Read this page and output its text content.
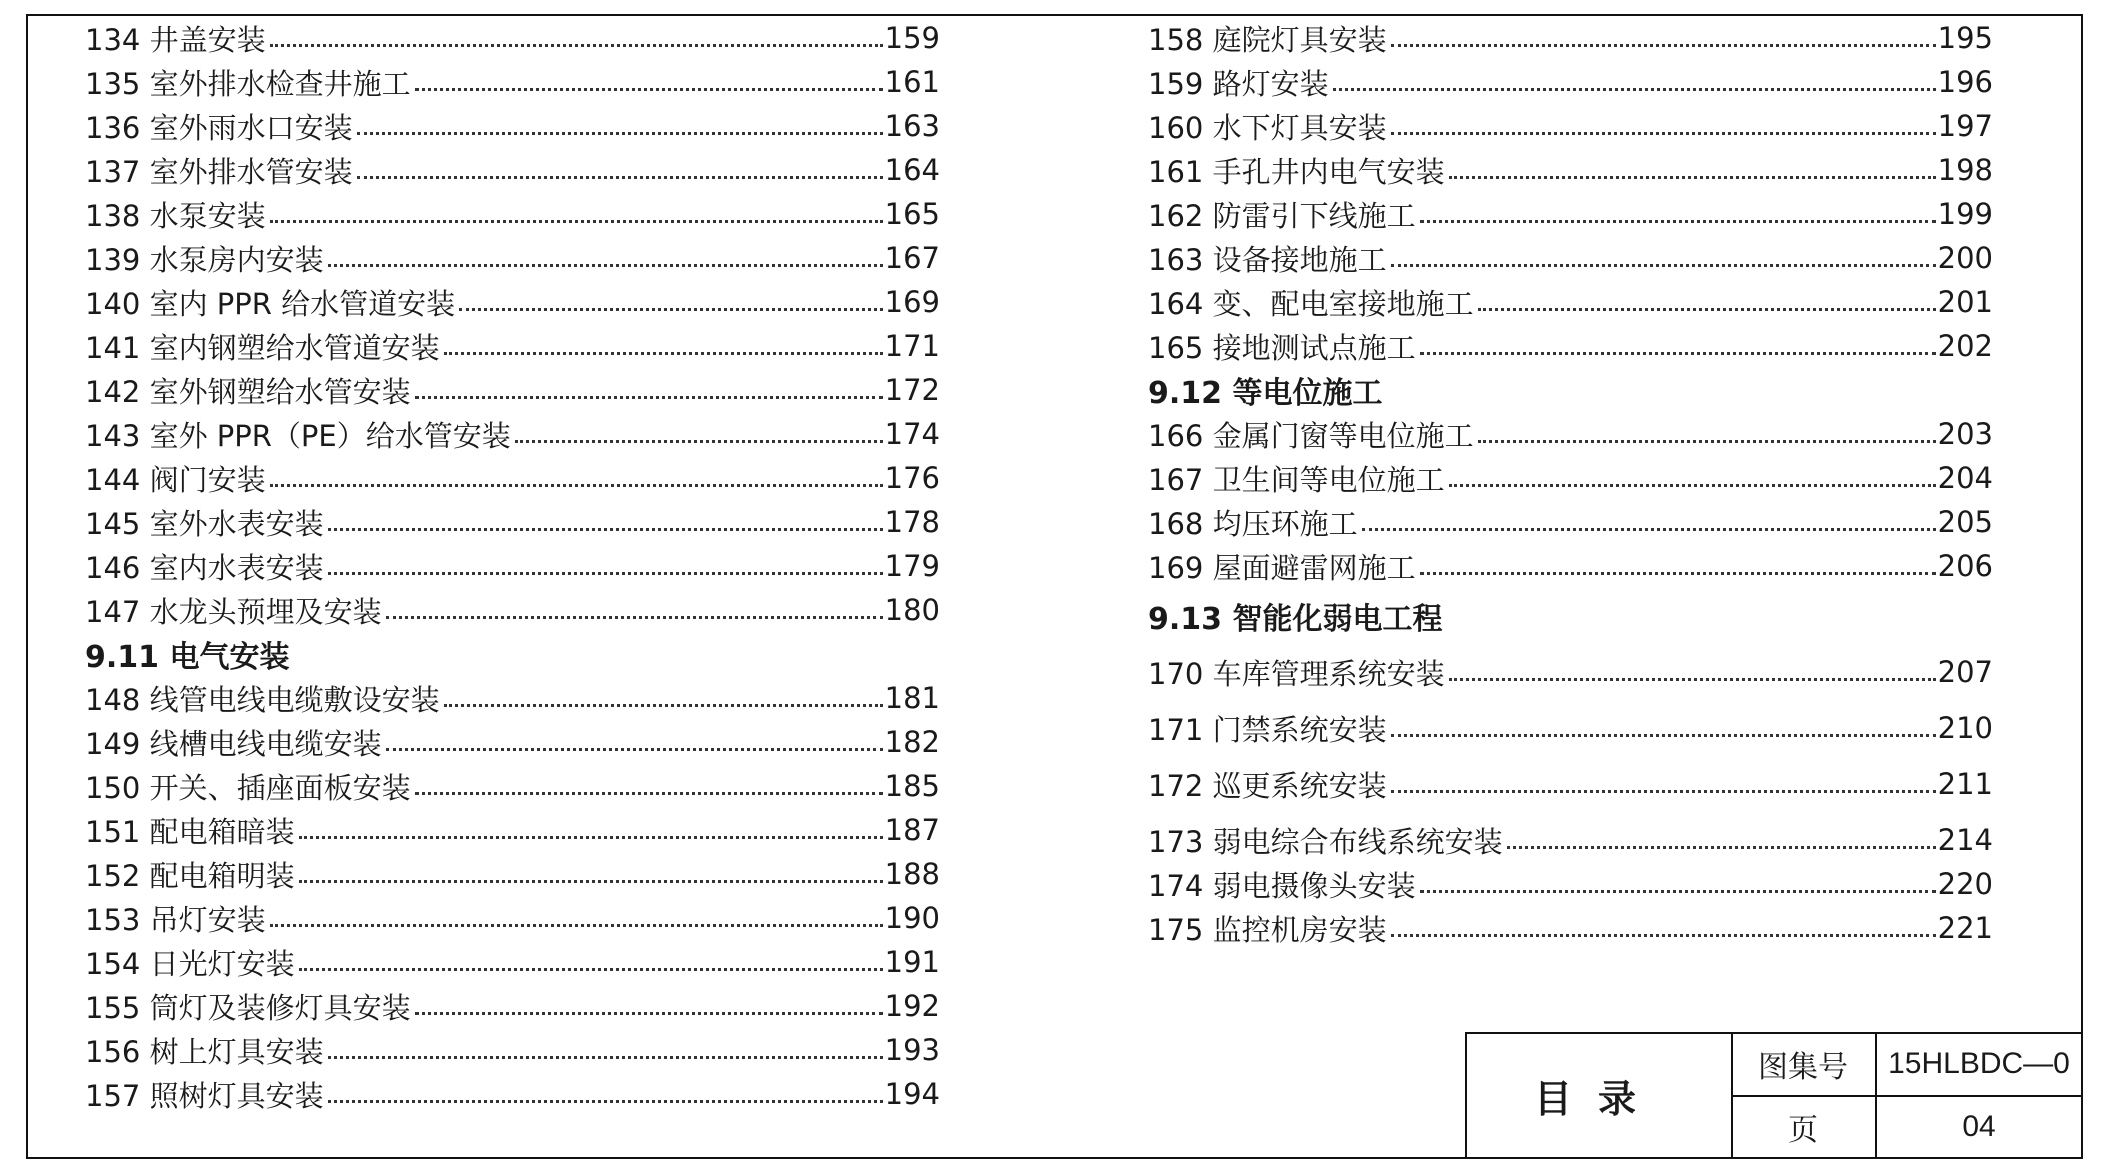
134 井盖安装	159
135 室外排水检查井施工	161
136 室外雨水口安装	163
137 室外排水管安装	164
138 水泵安装	165
139 水泵房内安装	167
140 室内 PPR 给水管道安装	169
141 室内钢塑给水管道安装	171
142 室外钢塑给水管安装	172
143 室外 PPR（PE）给水管安装	174
144 阀门安装	176
145 室外水表安装	178
146 室内水表安装	179
147 水龙头预埋及安装	180
9.11 电气安装
148 线管电线电缆敷设安装	181
149 线槽电线电缆安装	182
150 开关、插座面板安装	185
151 配电箱暗装	187
152 配电箱明装	188
153 吊灯安装	190
154 日光灯安装	191
155 筒灯及装修灯具安装	192
156 树上灯具安装	193
157 照树灯具安装	194
158 庭院灯具安装	195
159 路灯安装	196
160 水下灯具安装	197
161 手孔井内电气安装	198
162 防雷引下线施工	199
163 设备接地施工	200
164 变、配电室接地施工	201
165 接地测试点施工	202
9.12 等电位施工
166 金属门窗等电位施工	203
167 卫生间等电位施工	204
168 均压环施工	205
169 屋面避雷网施工	206
9.13 智能化弱电工程
170 车库管理系统安装	207
171 门禁系统安装	210
172 巡更系统安装	211
173 弱电综合布线系统安装	214
174 弱电摄像头安装	220
175 监控机房安装	221
目录
图集号	15HLBDC—0
页	04
